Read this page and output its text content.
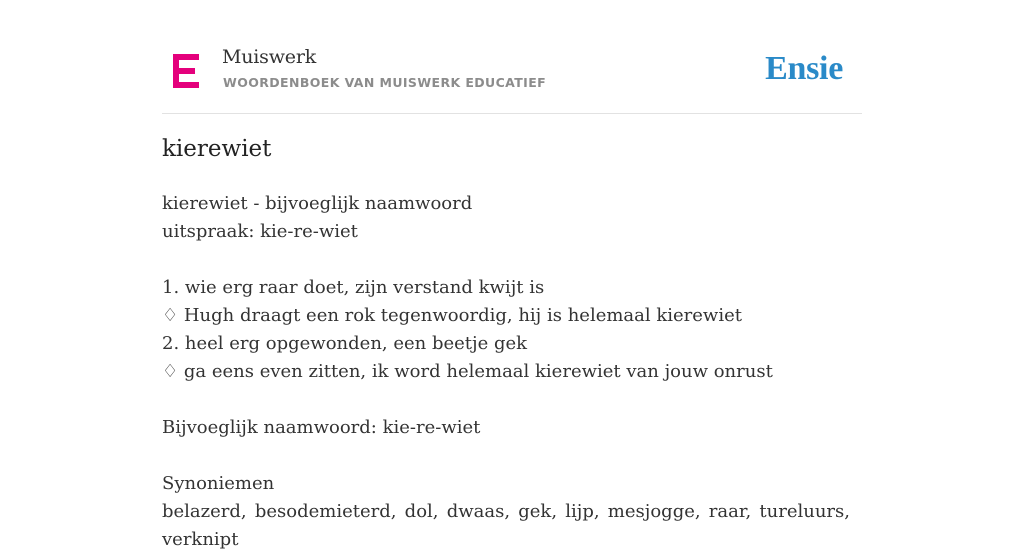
Muiswerk
WOORDENBOEK VAN MUISWERK EDUCATIEF	Ensie
kierewiet
kierewiet - bijvoeglijk naamwoord
uitspraak: kie-re-wiet
1. wie erg raar doet, zijn verstand kwijt is
♢ Hugh draagt een rok tegenwoordig, hij is helemaal kierewiet
2. heel erg opgewonden, een beetje gek
♢ ga eens even zitten, ik word helemaal kierewiet van jouw onrust
Bijvoeglijk naamwoord: kie-re-wiet
Synoniemen
belazerd, besodemieterd, dol, dwaas, gek, lijp, mesjogge, raar, tureluurs, verknipt
